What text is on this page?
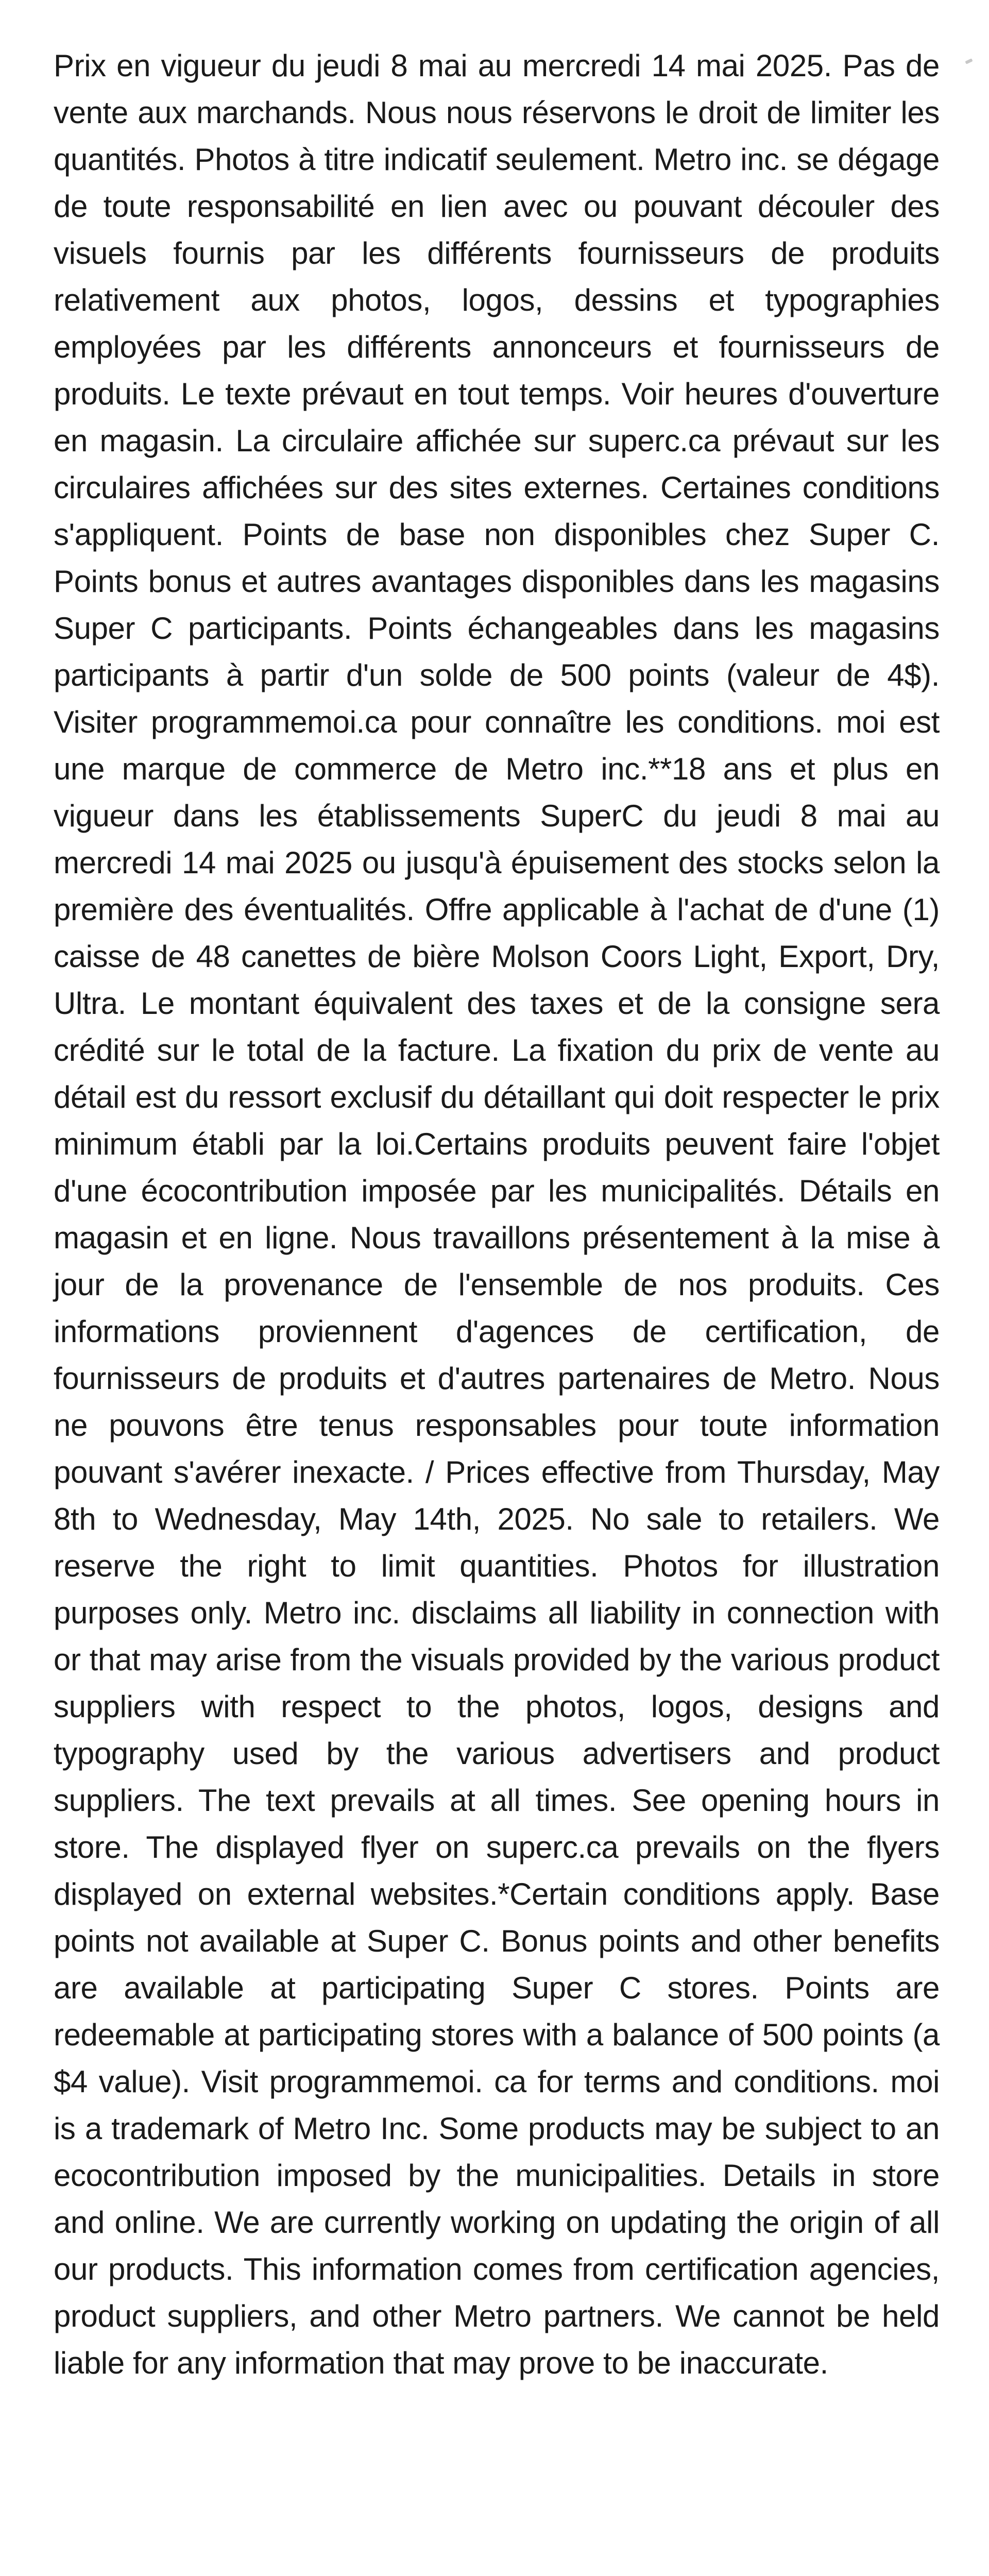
Prix en vigueur du jeudi 8 mai au mercredi 14 mai 2025. Pas de vente aux marchands. Nous nous réservons le droit de limiter les quantités. Photos à titre indicatif seulement. Metro inc. se dégage de toute responsabilité en lien avec ou pouvant découler des visuels fournis par les différents fournisseurs de produits relativement aux photos, logos, dessins et typographies employées par les différents annonceurs et fournisseurs de produits. Le texte prévaut en tout temps. Voir heures d'ouverture en magasin. La circulaire affichée sur superc.ca prévaut sur les circulaires affichées sur des sites externes. Certaines conditions s'appliquent. Points de base non disponibles chez Super C. Points bonus et autres avantages disponibles dans les magasins Super C participants. Points échangeables dans les magasins participants à partir d'un solde de 500 points (valeur de 4$). Visiter programmemoi.ca pour connaître les conditions. moi est une marque de commerce de Metro inc.**18 ans et plus en vigueur dans les établissements SuperC du jeudi 8 mai au mercredi 14 mai 2025 ou jusqu'à épuisement des stocks selon la première des éventualités. Offre applicable à l'achat de d'une (1) caisse de 48 canettes de bière Molson Coors Light, Export, Dry, Ultra. Le montant équivalent des taxes et de la consigne sera crédité sur le total de la facture. La fixation du prix de vente au détail est du ressort exclusif du détaillant qui doit respecter le prix minimum établi par la loi.Certains produits peuvent faire l'objet d'une écocontribution imposée par les municipalités. Détails en magasin et en ligne. Nous travaillons présentement à la mise à jour de la provenance de l'ensemble de nos produits. Ces informations proviennent d'agences de certification, de fournisseurs de produits et d'autres partenaires de Metro. Nous ne pouvons être tenus responsables pour toute information pouvant s'avérer inexacte. / Prices effective from Thursday, May 8th to Wednesday, May 14th, 2025. No sale to retailers. We reserve the right to limit quantities. Photos for illustration purposes only. Metro inc. disclaims all liability in connection with or that may arise from the visuals provided by the various product suppliers with respect to the photos, logos, designs and typography used by the various advertisers and product suppliers. The text prevails at all times. See opening hours in store. The displayed flyer on superc.ca prevails on the flyers displayed on external websites.*Certain conditions apply. Base points not available at Super C. Bonus points and other benefits are available at participating Super C stores. Points are redeemable at participating stores with a balance of 500 points (a $4 value). Visit programmemoi. ca for terms and conditions. moi is a trademark of Metro Inc. Some products may be subject to an ecocontribution imposed by the municipalities. Details in store and online. We are currently working on updating the origin of all our products. This information comes from certification agencies, product suppliers, and other Metro partners. We cannot be held liable for any information that may prove to be inaccurate.
